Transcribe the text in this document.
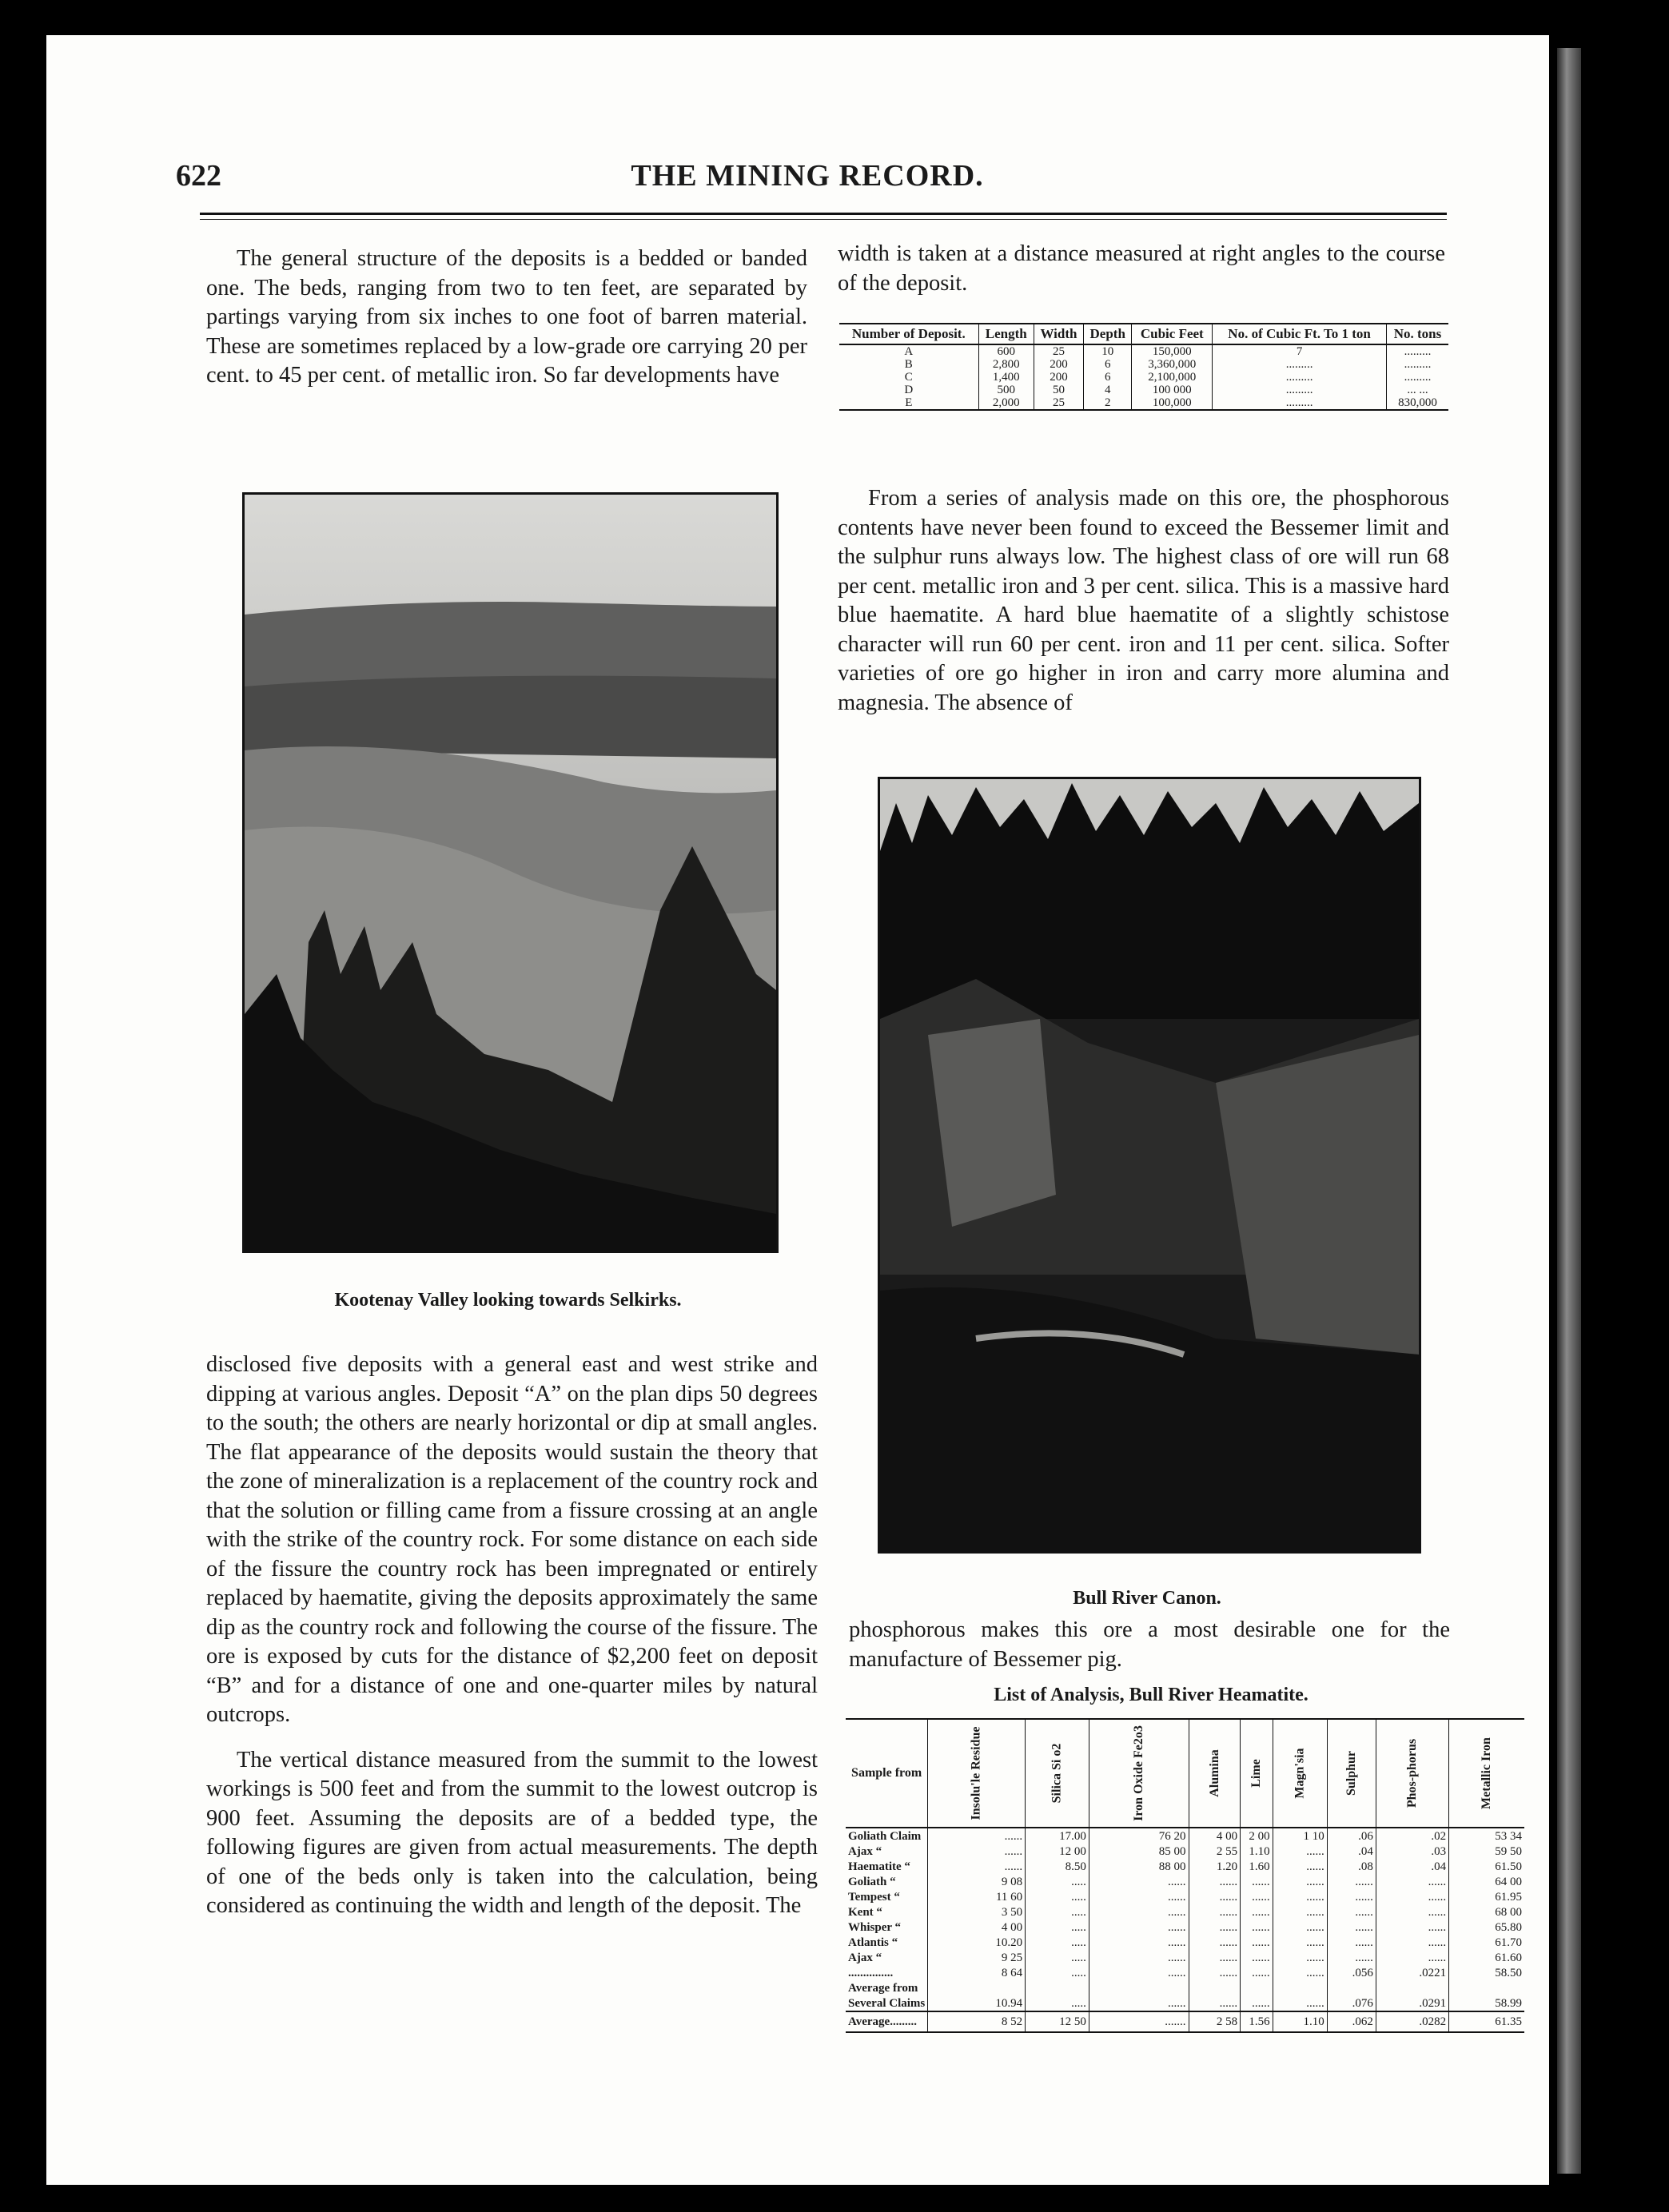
622	THE MINING RECORD.

The general structure of the deposits is a bedded or banded one. The beds, ranging from two to ten feet, are separated by partings varying from six inches to one foot of barren material. These are sometimes replaced by a low-grade ore carrying 20 per cent. to 45 per cent. of metallic iron. So far developments have

width is taken at a distance measured at right angles to the course of the deposit.

Number of Deposit.	Length	Width	Depth	Cubic Feet	No. of Cubic Ft. To 1 ton	No. tons
A	600	25	10	150,000	7	.........
B	2,800	200	6	3,360,000	.........	.........
C	1,400	200	6	2,100,000	.........	.........
D	500	50	4	100 000	.........	... ...
E	2,000	25	2	100,000	.........	830,000

From a series of analysis made on this ore, the phosphorous contents have never been found to exceed the Bessemer limit and the sulphur runs always low. The highest class of ore will run 68 per cent. metallic iron and 3 per cent. silica. This is a massive hard blue haematite. A hard blue haematite of a slightly schistose character will run 60 per cent. iron and 11 per cent. silica. Softer varieties of ore go higher in iron and carry more alumina and magnesia. The absence of

Kootenay Valley looking towards Selkirks.
Bull River Canon.

disclosed five deposits with a general east and west strike and dipping at various angles. Deposit “A” on the plan dips 50 degrees to the south; the others are nearly horizontal or dip at small angles. The flat appearance of the deposits would sustain the theory that the zone of mineralization is a replacement of the country rock and that the solution or filling came from a fissure crossing at an angle with the strike of the country rock. For some distance on each side of the fissure the country rock has been impregnated or entirely replaced by haematite, giving the deposits approximately the same dip as the country rock and following the course of the fissure. The ore is exposed by cuts for the distance of $2,200 feet on deposit “B” and for a distance of one and one-quarter miles by natural outcrops.

The vertical distance measured from the summit to the lowest workings is 500 feet and from the summit to the lowest outcrop is 900 feet. Assuming the deposits are of a bedded type, the following figures are given from actual measurements. The depth of one of the beds only is taken into the calculation, being considered as continuing the width and length of the deposit. The

phosphorous makes this ore a most desirable one for the manufacture of Bessemer pig.

List of Analysis, Bull River Heamatite.
Sample from	Insolu'le Residue	Silica Si o2	Iron Oxide Fe2o3	Alumina	Lime	Magn'sia	Sulphur	Phos-phorus	Metallic Iron
Goliath Claim	......	17.00	76 20	4 00	2 00	1 10	.06	.02	53 34
Ajax “	......	12 00	85 00	2 55	1.10	......	.04	.03	59 50
Haematite “	......	8.50	88 00	1.20	1.60	......	.08	.04	61.50
Goliath “	9 08	.....	......	......	......	......	......	......	64 00
Tempest “	11 60	.....	......	......	......	......	......	......	61.95
Kent “	3 50	.....	......	......	......	......	......	......	68 00
Whisper “	4 00	.....	......	......	......	......	......	......	65.80
Atlantis “	10.20	.....	......	......	......	......	......	......	61.70
Ajax “	9 25	.....	......	......	......	......	......	......	61.60
...............	8 64	.....	......	......	......	......	.056	.0221	58.50
Average from									
Several Claims	10.94	.....	......	......	......	......	.076	.0291	58.99
Average.........	8 52	12 50	.......	2 58	1.56	1.10	.062	.0282	61.35
